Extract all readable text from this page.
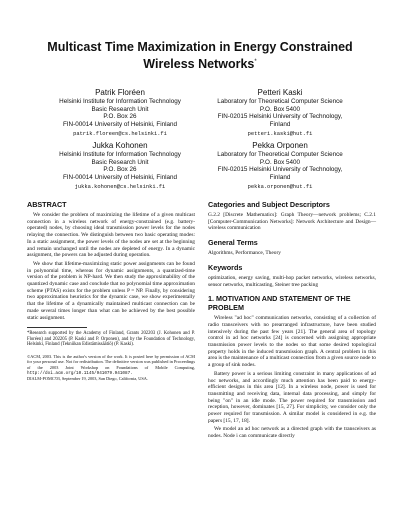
Multicast Time Maximization in Energy Constrained Wireless Networks*
Patrik Floréen
Helsinki Institute for Information Technology
Basic Research Unit
P.O. Box 26
FIN-00014 University of Helsinki, Finland
patrik.floreen@cs.helsinki.fi
Petteri Kaski
Laboratory for Theoretical Computer Science
P.O. Box 5400
FIN-02015 Helsinki University of Technology,
Finland
petteri.kaski@hut.fi
Jukka Kohonen
Helsinki Institute for Information Technology
Basic Research Unit
P.O. Box 26
FIN-00014 University of Helsinki, Finland
jukka.kohonen@cs.helsinki.fi
Pekka Orponen
Laboratory for Theoretical Computer Science
P.O. Box 5400
FIN-02015 Helsinki University of Technology,
Finland
pekka.orponen@hut.fi
ABSTRACT

We consider the problem of maximizing the lifetime of a given multicast connection in a wireless network of energy-constrained (e.g. battery-operated) nodes, by choosing ideal transmission power levels for the nodes relaying the connection. We distinguish between two basic operating modes: In a static assignment, the power levels of the nodes are set at the beginning and remain unchanged until the nodes are depleted of energy. In a dynamic assignment, the powers can be adjusted during operation.

We show that lifetime-maximizing static power assignments can be found in polynomial time, whereas for dynamic assignments, a quantized-time version of the problem is NP-hard. We then study the approximability of the quantized dynamic case and conclude that no polynomial time approximation scheme (PTAS) exists for the problem unless P = NP. Finally, by considering two approximation heuristics for the dynamic case, we show experimentally that the lifetime of a dynamically maintained multicast connection can be made several times longer than what can be achieved by the best possible static assignment.

*Research supported by the Academy of Finland, Grants 202203 (J. Kohonen and P. Floréen) and 202205 (P. Kaski and P. Orponen), and by the Foundation of Technology, Helsinki, Finland (Tekniikan Edistämissäätiö) (P. Kaski).
©ACM, 2003. This is the author's version of the work. It is posted here by permission of ACM for your personal use. Not for redistribution. The definitive version was published in Proceedings of the 2003 Joint Workshop on Foundations of Mobile Computing, http://doi.acm.org/10.1145/941079.941087.
DIALM-POMC'03, September 19, 2003, San Diego, California, USA.
Categories and Subject Descriptors

G.2.2 [Discrete Mathematics]: Graph Theory—network problems; C.2.1 [Computer-Communication Networks]: Network Architecture and Design—wireless communication

General Terms

Algorithms, Performance, Theory

Keywords

optimization, energy saving, multi-hop packet networks, wireless networks, sensor networks, multicasting, Steiner tree packing

1. MOTIVATION AND STATEMENT OF THE PROBLEM

Wireless "ad hoc" communication networks, consisting of a collection of radio transceivers with no prearranged infrastructure, have been studied intensively during the past few years [21]. The general area of topology control in ad hoc networks [24] is concerned with assigning appropriate transmission power levels to the nodes so that some desired topological property holds in the induced transmission graph. A central problem in this area is the maintenance of a multicast connection from a given source node to a group of sink nodes.

Battery power is a serious limiting constraint in many applications of ad hoc networks, and accordingly much attention has been paid to energy-efficient designs in this area [12]. In a wireless node, power is used for transmitting and receiving data, internal data processing, and simply for being "on" in an idle mode. The power required for transmission and reception, however, dominates [15, 27]. For simplicity, we consider only the power required for transmission. A similar model is considered in e.g. the papers [15, 17, 18].

We model an ad hoc network as a directed graph with the transceivers as nodes. Node i can communicate directly
